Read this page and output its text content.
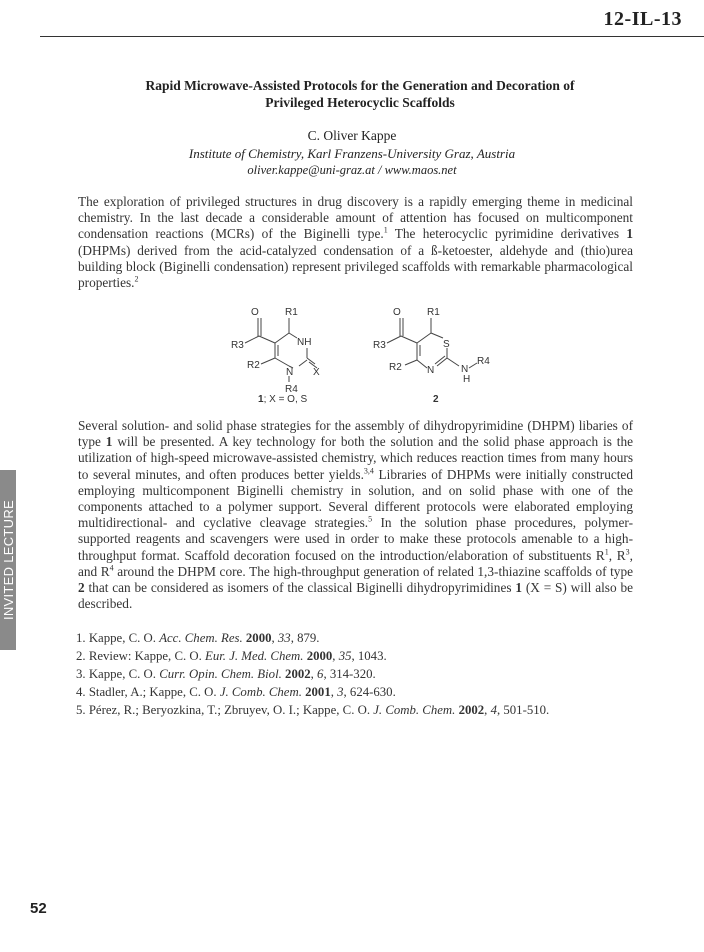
12-IL-13
Rapid Microwave-Assisted Protocols for the Generation and Decoration of
Privileged Heterocyclic Scaffolds
C. Oliver Kappe
Institute of Chemistry, Karl Franzens-University Graz, Austria
oliver.kappe@uni-graz.at / www.maos.net
The exploration of privileged structures in drug discovery is a rapidly emerging theme in medicinal chemistry. In the last decade a considerable amount of attention has focused on multicomponent condensation reactions (MCRs) of the Biginelli type.$^1$ The heterocyclic pyrimidine derivatives 1 (DHPMs) derived from the acid-catalyzed condensation of a ß-ketoester, aldehyde and (thio)urea building block (Biginelli condensation) represent privileged scaffolds with remarkable pharmacological properties.$^2$
O	R1
R3	NH
R2
N X
R4
1; X = O, S
O	R1
R3	S
R2	N	N
H
R4
2
Several solution- and solid phase strategies for the assembly of dihydropyrimidine (DHPM) libaries of type 1 will be presented. A key technology for both the solution and the solid phase approach is the utilization of high-speed microwave-assisted chemistry, which reduces reaction times from many hours to several minutes, and often produces better yields.$^{3,4}$ Libraries of DHPMs were initially constructed employing multicomponent Biginelli chemistry in solution, and on solid phase with one of the components attached to a polymer support. Several different protocols were elaborated employing multidirectional- and cyclative cleavage strategies.$^5$ In the solution phase procedures, polymer-supported reagents and scavengers were used in order to make these protocols amenable to a high-throughput format. Scaffold decoration focused on the introduction/elaboration of substituents $R^1$, $R^3$, and $R^4$ around the DHPM core. The high-throughput generation of related 1,3-thiazine scaffolds of type 2 that can be considered as isomers of the classical Biginelli dihydropyrimidines 1 (X = S) will also be described.
1. Kappe, C. O. Acc. Chem. Res. 2000, 33, 879.
2. Review: Kappe, C. O. Eur. J. Med. Chem. 2000, 35, 1043.
3. Kappe, C. O. Curr. Opin. Chem. Biol. 2002, 6, 314-320.
4. Stadler, A.; Kappe, C. O. J. Comb. Chem. 2001, 3, 624-630.
5. Pérez, R.; Beryozkina, T.; Zbruyev, O. I.; Kappe, C. O. J. Comb. Chem. 2002, 4, 501-510.
INVITED LECTURE
52
